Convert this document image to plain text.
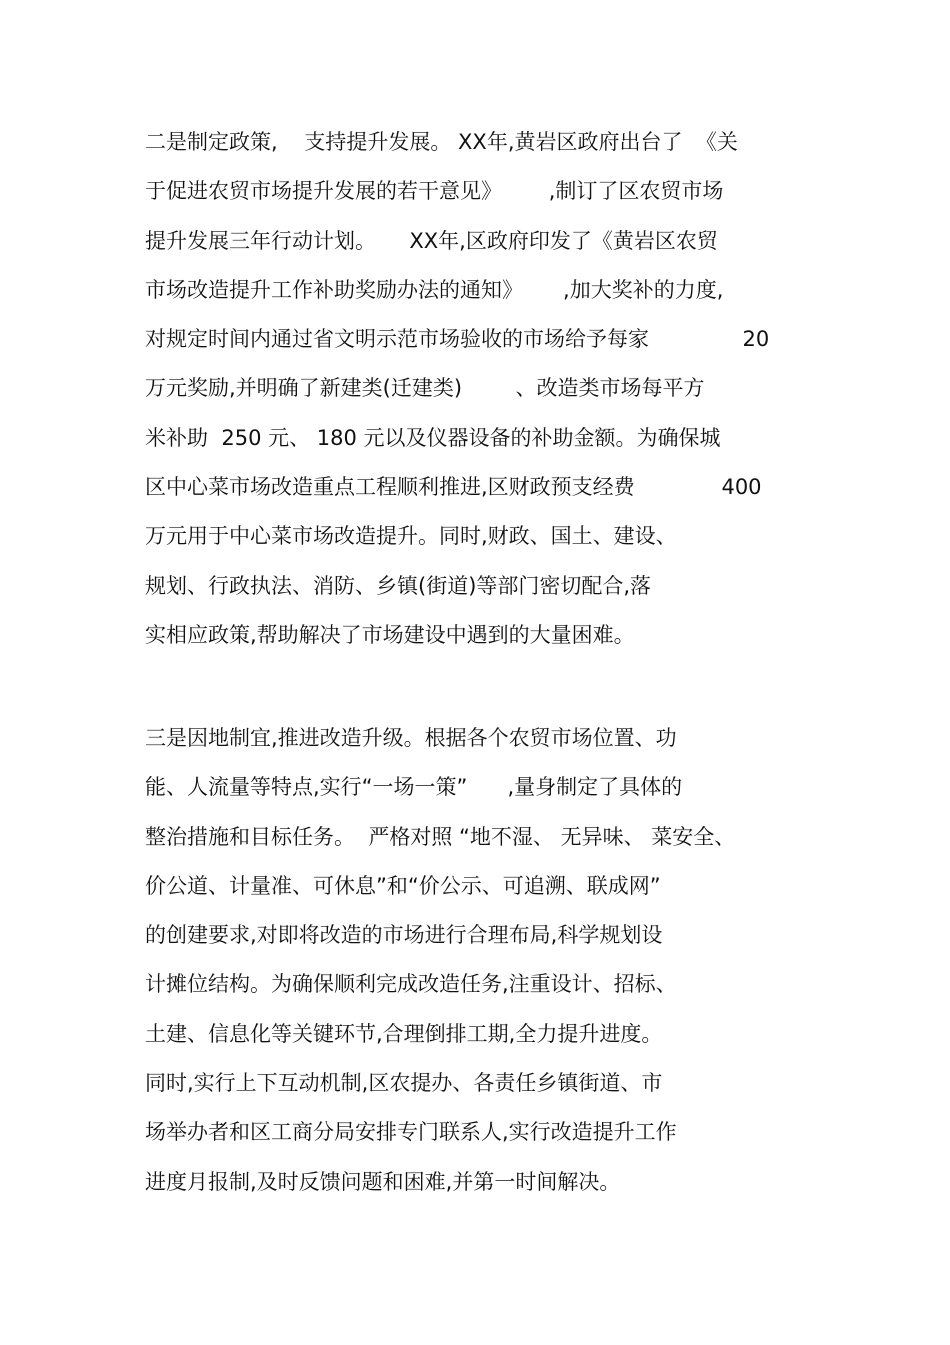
二是制定政策,    支持提升发展。 XX年,黄岩区政府出台了  《关
于促进农贸市场提升发展的若干意见》       ,制订了区农贸市场
提升发展三年行动计划。     XX年,区政府印发了《黄岩区农贸
市场改造提升工作补助奖励办法的通知》      ,加大奖补的力度,
对规定时间内通过省文明示范市场验收的市场给予每家              20
万元奖励,并明确了新建类(迁建类)        、改造类市场每平方
米补助  250 元、 180 元以及仪器设备的补助金额。为确保城
区中心菜市场改造重点工程顺利推进,区财政预支经费             400
万元用于中心菜市场改造提升。同时,财政、国土、建设、
规划、行政执法、消防、乡镇(街道)等部门密切配合,落
实相应政策,帮助解决了市场建设中遇到的大量困难。
三是因地制宜,推进改造升级。根据各个农贸市场位置、功
能、人流量等特点,实行“一场一策”      ,量身制定了具体的
整治措施和目标任务。  严格对照 “地不湿、 无异味、 菜安全、
价公道、计量准、可休息”和“价公示、可追溯、联成网”
的创建要求,对即将改造的市场进行合理布局,科学规划设
计摊位结构。为确保顺利完成改造任务,注重设计、招标、
土建、信息化等关键环节,合理倒排工期,全力提升进度。
同时,实行上下互动机制,区农提办、各责任乡镇街道、市
场举办者和区工商分局安排专门联系人,实行改造提升工作
进度月报制,及时反馈问题和困难,并第一时间解决。
